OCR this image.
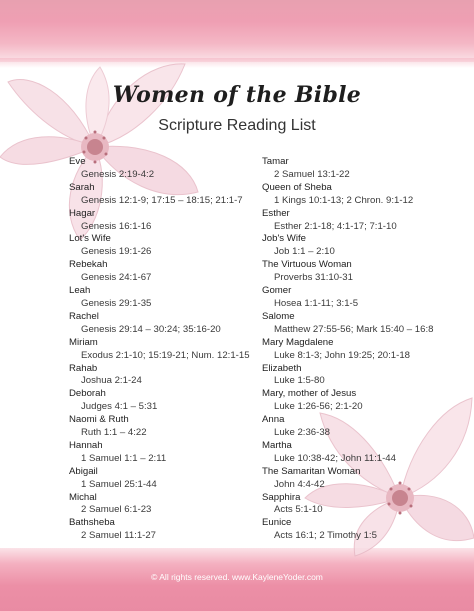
Women of the Bible
Scripture Reading List
Eve
Genesis 2:19-4:2
Sarah
Genesis 12:1-9; 17:15 – 18:15; 21:1-7
Hagar
Genesis 16:1-16
Lot's Wife
Genesis 19:1-26
Rebekah
Genesis 24:1-67
Leah
Genesis 29:1-35
Rachel
Genesis 29:14 – 30:24; 35:16-20
Miriam
Exodus 2:1-10; 15:19-21; Num. 12:1-15
Rahab
Joshua 2:1-24
Deborah
Judges 4:1 – 5:31
Naomi & Ruth
Ruth 1:1 – 4:22
Hannah
1 Samuel 1:1 – 2:11
Abigail
1 Samuel 25:1-44
Michal
2 Samuel 6:1-23
Bathsheba
2 Samuel 11:1-27
Tamar
2 Samuel 13:1-22
Queen of Sheba
1 Kings 10:1-13; 2 Chron. 9:1-12
Esther
Esther 2:1-18; 4:1-17; 7:1-10
Job's Wife
Job 1:1 – 2:10
The Virtuous Woman
Proverbs 31:10-31
Gomer
Hosea 1:1-11; 3:1-5
Salome
Matthew 27:55-56; Mark 15:40 – 16:8
Mary Magdalene
Luke 8:1-3; John 19:25; 20:1-18
Elizabeth
Luke 1:5-80
Mary, mother of Jesus
Luke 1:26-56; 2:1-20
Anna
Luke 2:36-38
Martha
Luke 10:38-42; John 11:1-44
The Samaritan Woman
John 4:4-42
Sapphira
Acts 5:1-10
Eunice
Acts 16:1; 2 Timothy 1:5
© All rights reserved. www.KayleneYoder.com
